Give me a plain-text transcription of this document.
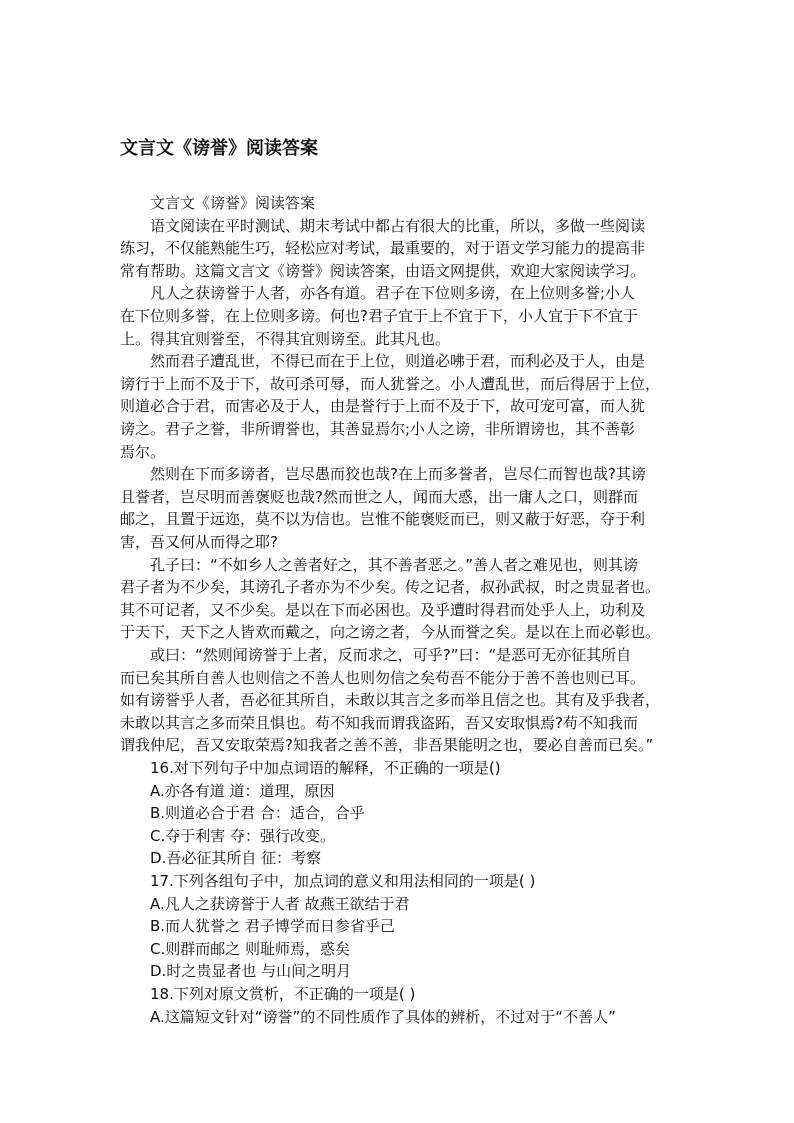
文言文《谤誉》阅读答案
文言文《谤誉》阅读答案
语文阅读在平时测试、期末考试中都占有很大的比重，所以，多做一些阅读
练习，不仅能熟能生巧，轻松应对考试，最重要的，对于语文学习能力的提高非
常有帮助。这篇文言文《谤誉》阅读答案，由语文网提供，欢迎大家阅读学习。
凡人之获谤誉于人者，亦各有道。君子在下位则多谤，在上位则多誉;小人
在下位则多誉，在上位则多谤。何也?君子宜于上不宜于下，小人宜于下不宜于
上。得其宜则誉至，不得其宜则谤至。此其凡也。
然而君子遭乱世，不得已而在于上位，则道必咈于君，而利必及于人，由是
谤行于上而不及于下，故可杀可辱，而人犹誉之。小人遭乱世，而后得居于上位，
则道必合于君，而害必及于人，由是誉行于上而不及于下，故可宠可富，而人犹
谤之。君子之誉，非所谓誉也，其善显焉尔;小人之谤，非所谓谤也，其不善彰
焉尔。
然则在下而多谤者，岂尽愚而狡也哉?在上而多誉者，岂尽仁而智也哉?其谤
且誉者，岂尽明而善褒贬也哉?然而世之人，闻而大惑，出一庸人之口，则群而
邮之，且置于远迩，莫不以为信也。岂惟不能褒贬而已，则又蔽于好恶，夺于利
害，吾又何从而得之耶?
孔子曰：“不如乡人之善者好之，其不善者恶之。”善人者之难见也，则其谤
君子者为不少矣，其谤孔子者亦为不少矣。传之记者，叔孙武叔，时之贵显者也。
其不可记者，又不少矣。是以在下而必困也。及乎遭时得君而处乎人上，功利及
于天下，天下之人皆欢而戴之，向之谤之者，今从而誉之矣。是以在上而必彰也。
或曰：“然则闻谤誉于上者，反而求之，可乎?”曰：“是恶可无亦征其所自
而已矣其所自善人也则信之不善人也则勿信之矣苟吾不能分于善不善也则已耳。
如有谤誉乎人者，吾必征其所自，未敢以其言之多而举且信之也。其有及乎我者，
未敢以其言之多而荣且惧也。苟不知我而谓我盗跖，吾又安取惧焉?苟不知我而
谓我仲尼，吾又安取荣焉?知我者之善不善，非吾果能明之也，要必自善而已矣。”
16.对下列句子中加点词语的解释，不正确的一项是()
A.亦各有道 道：道理，原因
B.则道必合于君 合：适合，合乎
C.夺于利害 夺：强行改变。
D.吾必征其所自 征：考察
17.下列各组句子中，加点词的意义和用法相同的一项是( )
A.凡人之获谤誉于人者 故燕王欲结于君
B.而人犹誉之 君子博学而日参省乎己
C.则群而邮之 则耻师焉，惑矣
D.时之贵显者也 与山间之明月
18.下列对原文赏析，不正确的一项是( )
A.这篇短文针对“谤誉”的不同性质作了具体的辨析，不过对于“不善人”
